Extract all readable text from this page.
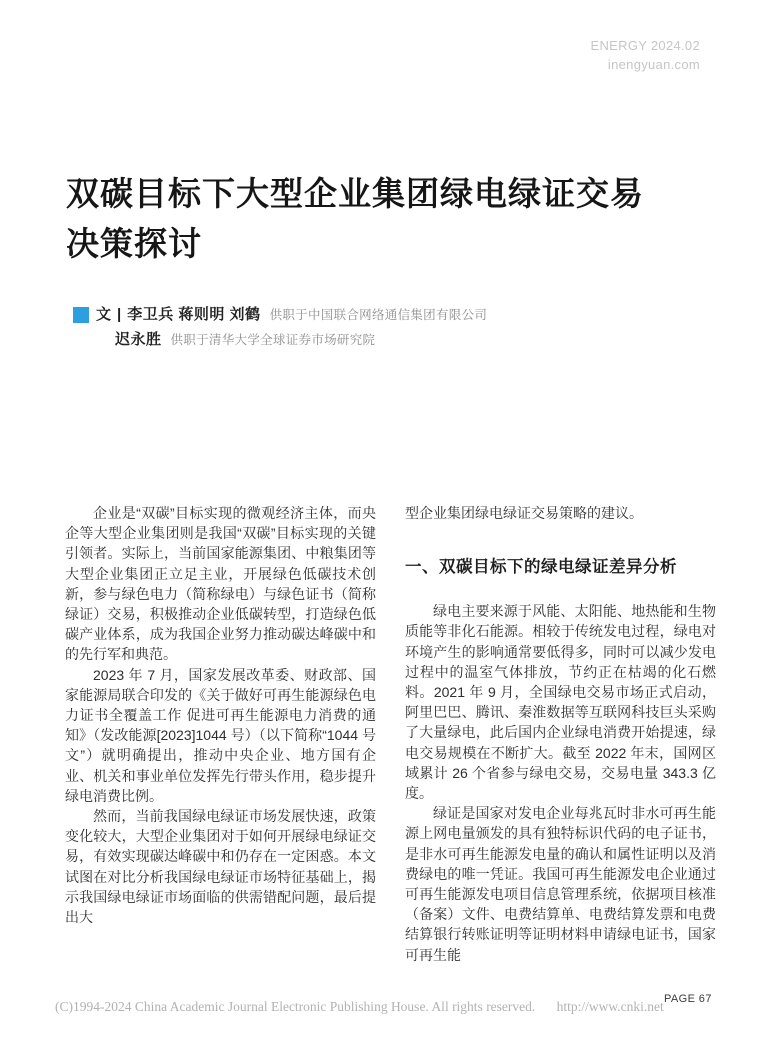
ENERGY 2024.02
inengyuan.com
双碳目标下大型企业集团绿电绿证交易
决策探讨
文 | 李卫兵 蒋则明 刘鹤 供职于中国联合网络通信集团有限公司
迟永胜 供职于清华大学全球证券市场研究院

企业是“双碳”目标实现的微观经济主体，而央企等大型企业集团则是我国“双碳”目标实现的关键引领者。实际上，当前国家能源集团、中粮集团等大型企业集团正立足主业，开展绿色低碳技术创新，参与绿色电力（简称绿电）与绿色证书（简称绿证）交易，积极推动企业低碳转型，打造绿色低碳产业体系，成为我国企业努力推动碳达峰碳中和的先行军和典范。

2023 年 7 月，国家发展改革委、财政部、国家能源局联合印发的《关于做好可再生能源绿色电力证书全覆盖工作 促进可再生能源电力消费的通知》（发改能源[2023]1044 号）（以下简称“1044 号文”）就明确提出，推动中央企业、地方国有企业、机关和事业单位发挥先行带头作用，稳步提升绿电消费比例。

然而，当前我国绿电绿证市场发展快速，政策变化较大，大型企业集团对于如何开展绿电绿证交易，有效实现碳达峰碳中和仍存在一定困惑。本文试图在对比分析我国绿电绿证市场特征基础上，揭示我国绿电绿证市场面临的供需错配问题，最后提出大

型企业集团绿电绿证交易策略的建议。

一、双碳目标下的绿电绿证差异分析

绿电主要来源于风能、太阳能、地热能和生物质能等非化石能源。相较于传统发电过程，绿电对环境产生的影响通常要低得多，同时可以减少发电过程中的温室气体排放，节约正在枯竭的化石燃料。2021 年 9 月，全国绿电交易市场正式启动，阿里巴巴、腾讯、秦淮数据等互联网科技巨头采购了大量绿电，此后国内企业绿电消费开始提速，绿电交易规模在不断扩大。截至 2022 年末，国网区域累计 26 个省参与绿电交易，交易电量 343.3 亿度。

绿证是国家对发电企业每兆瓦时非水可再生能源上网电量颁发的具有独特标识代码的电子证书，是非水可再生能源发电量的确认和属性证明以及消费绿电的唯一凭证。我国可再生能源发电企业通过可再生能源发电项目信息管理系统，依据项目核准（备案）文件、电费结算单、电费结算发票和电费结算银行转账证明等证明材料申请绿电证书，国家可再生能

(C)1994-2024 China Academic Journal Electronic Publishing House. All rights reserved. http://www.cnki.net PAGE 67
